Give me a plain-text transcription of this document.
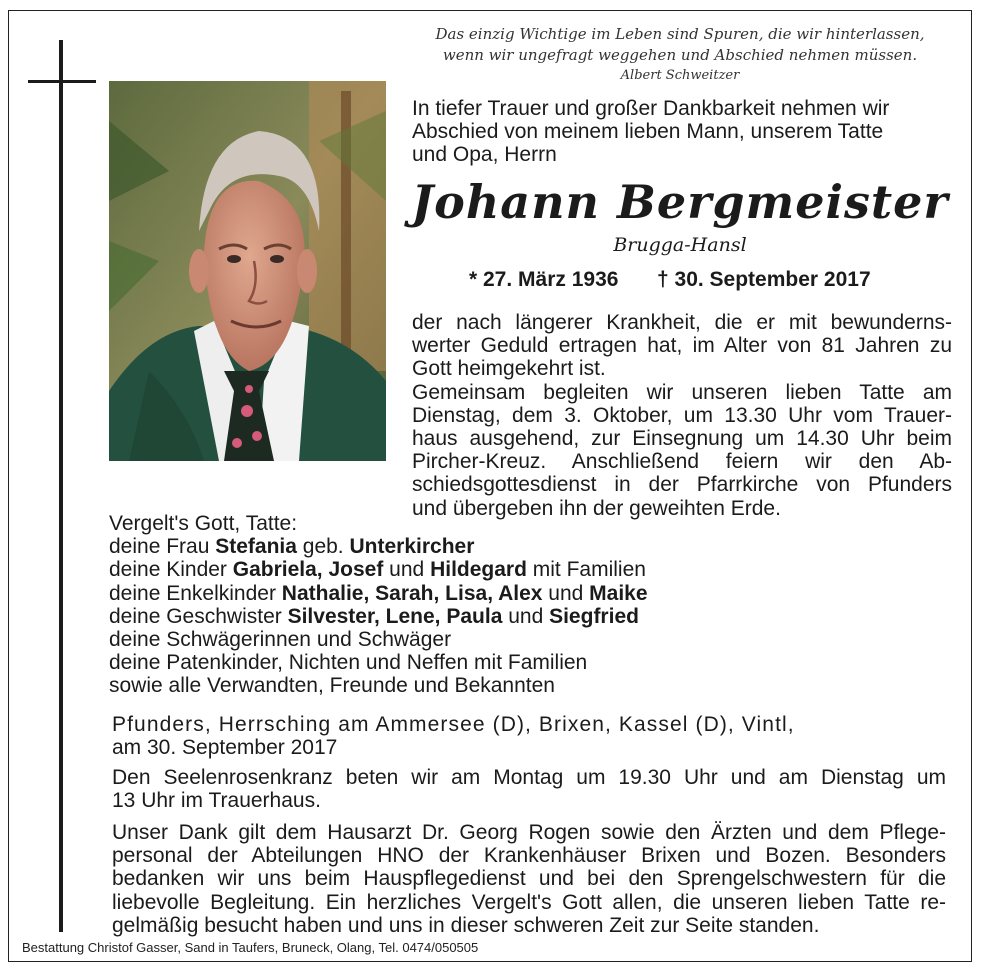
Das einzig Wichtige im Leben sind Spuren, die wir hinterlassen,
wenn wir ungefragt weggehen und Abschied nehmen müssen.
Albert Schweitzer
In tiefer Trauer und großer Dankbarkeit nehmen wir
Abschied von meinem lieben Mann, unserem Tatte
und Opa, Herrn
Johann Bergmeister
Brugga-Hansl
* 27. März 1936 † 30. September 2017
der nach längerer Krankheit, die er mit bewunderns-
werter Geduld ertragen hat, im Alter von 81 Jahren zu
Gott heimgekehrt ist.
Gemeinsam begleiten wir unseren lieben Tatte am
Dienstag, dem 3. Oktober, um 13.30 Uhr vom Trauer-
haus ausgehend, zur Einsegnung um 14.30 Uhr beim
Pircher-Kreuz. Anschließend feiern wir den Ab-
schiedsgottesdienst in der Pfarrkirche von Pfunders
und übergeben ihn der geweihten Erde.
Vergelt's Gott, Tatte:
deine Frau Stefania geb. Unterkircher
deine Kinder Gabriela, Josef und Hildegard mit Familien
deine Enkelkinder Nathalie, Sarah, Lisa, Alex und Maike
deine Geschwister Silvester, Lene, Paula und Siegfried
deine Schwägerinnen und Schwäger
deine Patenkinder, Nichten und Neffen mit Familien
sowie alle Verwandten, Freunde und Bekannten
Pfunders, Herrsching am Ammersee (D), Brixen, Kassel (D), Vintl,
am 30. September 2017
Den Seelenrosenkranz beten wir am Montag um 19.30 Uhr und am Dienstag um
13 Uhr im Trauerhaus.
Unser Dank gilt dem Hausarzt Dr. Georg Rogen sowie den Ärzten und dem Pflege-
personal der Abteilungen HNO der Krankenhäuser Brixen und Bozen. Besonders
bedanken wir uns beim Hauspflegedienst und bei den Sprengelschwestern für die
liebevolle Begleitung. Ein herzliches Vergelt's Gott allen, die unseren lieben Tatte re-
gelmäßig besucht haben und uns in dieser schweren Zeit zur Seite standen.
Bestattung Christof Gasser, Sand in Taufers, Bruneck, Olang, Tel. 0474/050505
